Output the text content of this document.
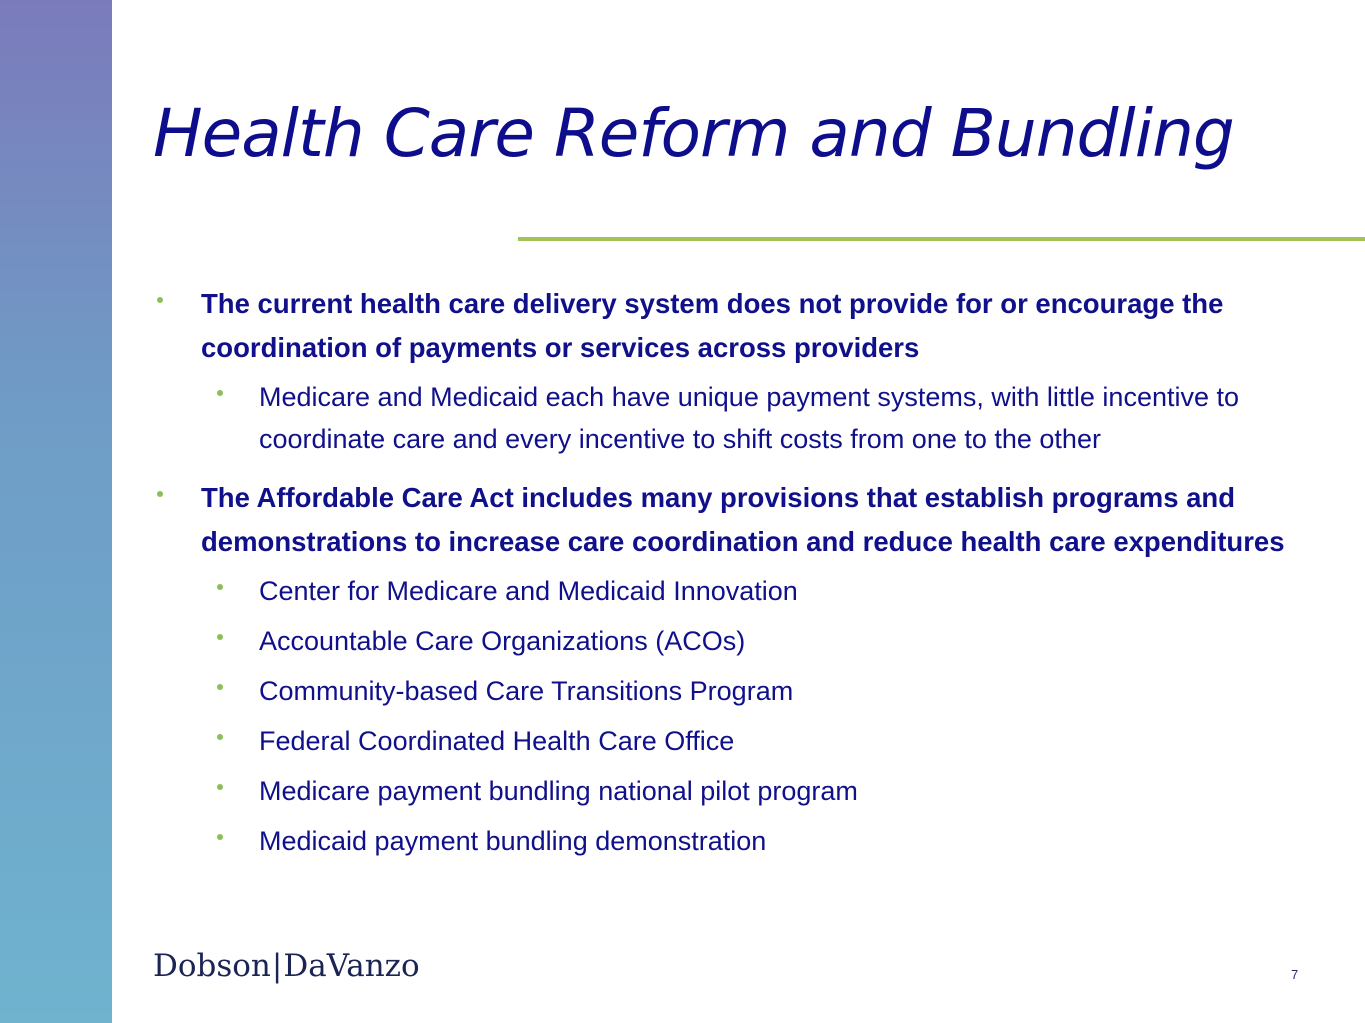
Health Care Reform and Bundling
The current health care delivery system does not provide for or encourage the coordination of payments or services across providers
Medicare and Medicaid each have unique payment systems, with little incentive to coordinate care and every incentive to shift costs from one to the other
The Affordable Care Act includes many provisions that establish programs and demonstrations to increase care coordination and reduce health care expenditures
Center for Medicare and Medicaid Innovation
Accountable Care Organizations (ACOs)
Community-based Care Transitions Program
Federal Coordinated Health Care Office
Medicare payment bundling national pilot program
Medicaid payment bundling demonstration
Dobson|DaVanzo	7
